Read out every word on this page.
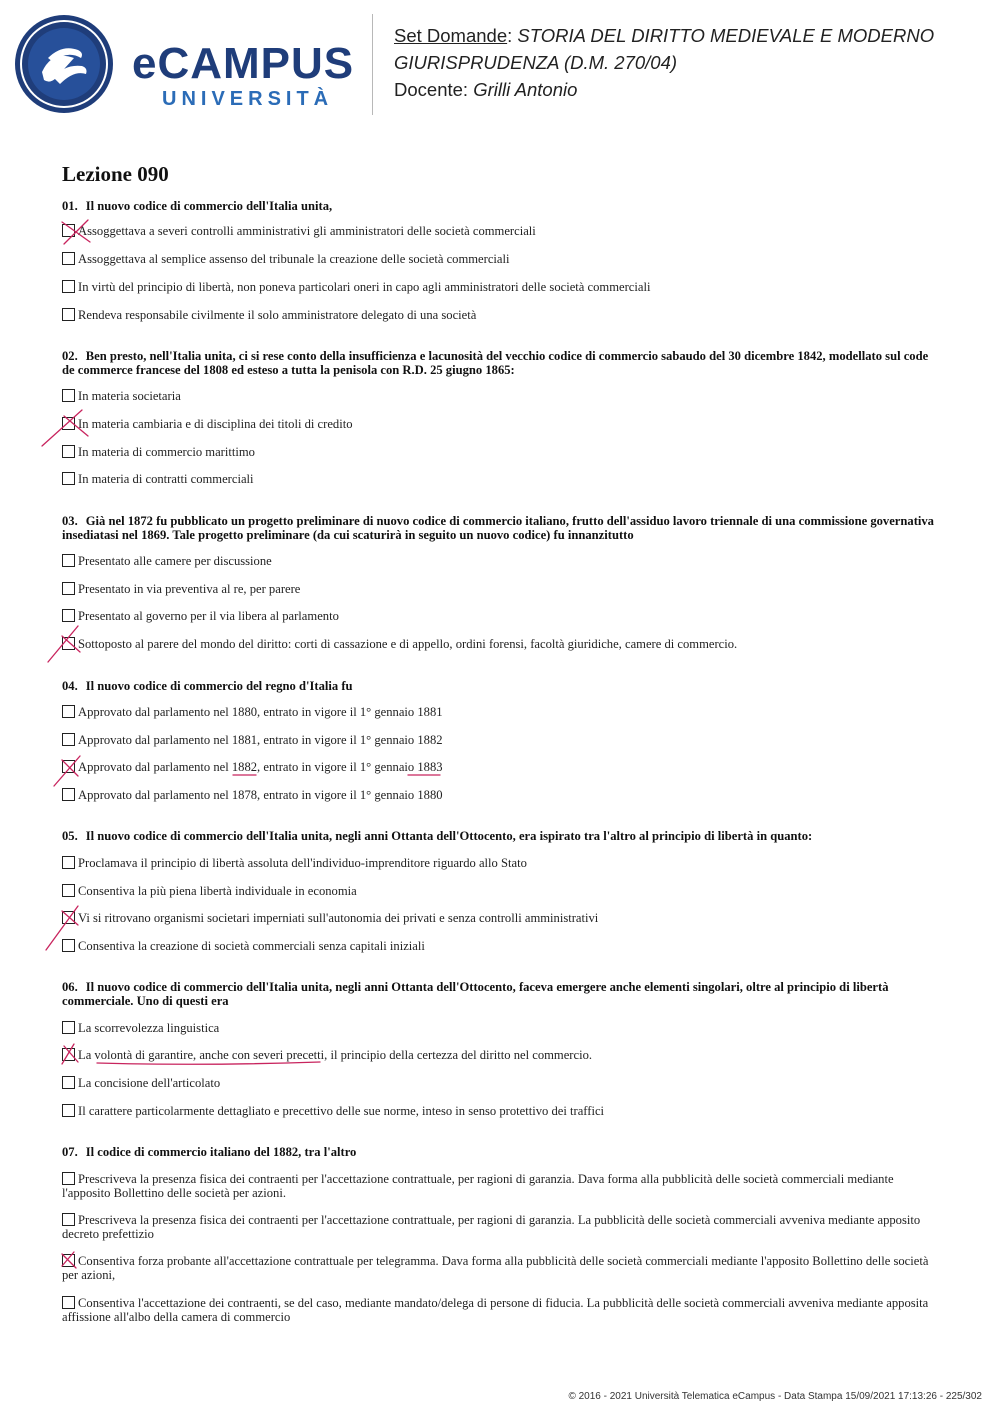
eCAMPUS
UNIVERSITÀ
Set Domande: STORIA DEL DIRITTO MEDIEVALE E MODERNO
GIURISPRUDENZA (D.M. 270/04)
Docente: Grilli Antonio
Lezione 090
01. Il nuovo codice di commercio dell'Italia unita,
Assoggettava a severi controlli amministrativi gli amministratori delle società commerciali
Assoggettava al semplice assenso del tribunale la creazione delle società commerciali
In virtù del principio di libertà, non poneva particolari oneri in capo agli amministratori delle società commerciali
Rendeva responsabile civilmente il solo amministratore delegato di una società
02. Ben presto, nell'Italia unita, ci si rese conto della insufficienza e lacunosità del vecchio codice di commercio sabaudo del 30 dicembre 1842, modellato sul code de commerce francese del 1808 ed esteso a tutta la penisola con R.D. 25 giugno 1865:
In materia societaria
In materia cambiaria e di disciplina dei titoli di credito
In materia di commercio marittimo
In materia di contratti commerciali
03. Già nel 1872 fu pubblicato un progetto preliminare di nuovo codice di commercio italiano, frutto dell'assiduo lavoro triennale di una commissione governativa insediatasi nel 1869. Tale progetto preliminare (da cui scaturirà in seguito un nuovo codice) fu innanzitutto
Presentato alle camere per discussione
Presentato in via preventiva al re, per parere
Presentato al governo per il via libera al parlamento
Sottoposto al parere del mondo del diritto: corti di cassazione e di appello, ordini forensi, facoltà giuridiche, camere di commercio.
04. Il nuovo codice di commercio del regno d'Italia fu
Approvato dal parlamento nel 1880, entrato in vigore il 1° gennaio 1881
Approvato dal parlamento nel 1881, entrato in vigore il 1° gennaio 1882
Approvato dal parlamento nel 1882, entrato in vigore il 1° gennaio 1883
Approvato dal parlamento nel 1878, entrato in vigore il 1° gennaio 1880
05. Il nuovo codice di commercio dell'Italia unita, negli anni Ottanta dell'Ottocento, era ispirato tra l'altro al principio di libertà in quanto:
Proclamava il principio di libertà assoluta dell'individuo-imprenditore riguardo allo Stato
Consentiva la più piena libertà individuale in economia
Vi si ritrovano organismi societari imperniati sull'autonomia dei privati e senza controlli amministrativi
Consentiva la creazione di società commerciali senza capitali iniziali
06. Il nuovo codice di commercio dell'Italia unita, negli anni Ottanta dell'Ottocento, faceva emergere anche elementi singolari, oltre al principio di libertà commerciale. Uno di questi era
La scorrevolezza linguistica
La volontà di garantire, anche con severi precetti, il principio della certezza del diritto nel commercio.
La concisione dell'articolato
Il carattere particolarmente dettagliato e precettivo delle sue norme, inteso in senso protettivo dei traffici
07. Il codice di commercio italiano del 1882, tra l'altro
Prescriveva la presenza fisica dei contraenti per l'accettazione contrattuale, per ragioni di garanzia. Dava forma alla pubblicità delle società commerciali mediante l'apposito Bollettino delle società per azioni.
Prescriveva la presenza fisica dei contraenti per l'accettazione contrattuale, per ragioni di garanzia. La pubblicità delle società commerciali avveniva mediante apposito decreto prefettizio
Consentiva forza probante all'accettazione contrattuale per telegramma. Dava forma alla pubblicità delle società commerciali mediante l'apposito Bollettino delle società per azioni,
Consentiva l'accettazione dei contraenti, se del caso, mediante mandato/delega di persone di fiducia. La pubblicità delle società commerciali avveniva mediante apposita affissione all'albo della camera di commercio
© 2016 - 2021 Università Telematica eCampus - Data Stampa 15/09/2021 17:13:26 - 225/302
